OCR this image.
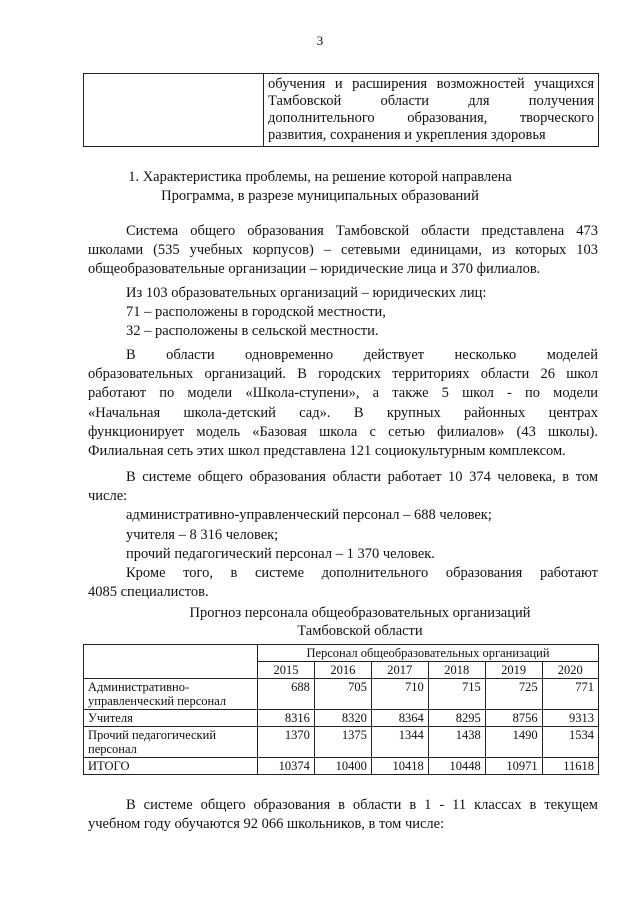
3

обучения и расширения возможностей учащихся
Тамбовской области для получения
дополнительного образования, творческого
развития, сохранения и укрепления здоровья
1. Характеристика проблемы, на решение которой направлена
Программа, в разрезе муниципальных образований
Система общего образования Тамбовской области представлена 473
школами (535 учебных корпусов) – сетевыми единицами, из которых 103
общеобразовательные организации – юридические лица и 370 филиалов.
Из 103 образовательных организаций – юридических лиц:
71 – расположены в городской местности,
32 – расположены в сельской местности.
В области одновременно действует несколько моделей
образовательных организаций. В городских территориях области 26 школ
работают по модели «Школа-ступени», а также 5 школ - по модели
«Начальная школа-детский сад». В крупных районных центрах
функционирует модель «Базовая школа с сетью филиалов» (43 школы).
Филиальная сеть этих школ представлена 121 социокультурным комплексом.
В системе общего образования области работает 10 374 человека, в том
числе:
административно-управленческий персонал – 688 человек;
учителя – 8 316 человек;
прочий педагогический персонал – 1 370 человек.
Кроме того, в системе дополнительного образования работают
4085 специалистов.
Прогноз персонала общеобразовательных организаций
Тамбовской области
	Персонал общеобразовательных организаций					
	2015	2016	2017	2018	2019	2020
Административно-управленческий персонал	688	705	710	715	725	771
Учителя	8316	8320	8364	8295	8756	9313
Прочий педагогический персонал	1370	1375	1344	1438	1490	1534
ИТОГО	10374	10400	10418	10448	10971	11618
В системе общего образования в области в 1 - 11 классах в текущем
учебном году обучаются 92 066 школьников, в том числе:
